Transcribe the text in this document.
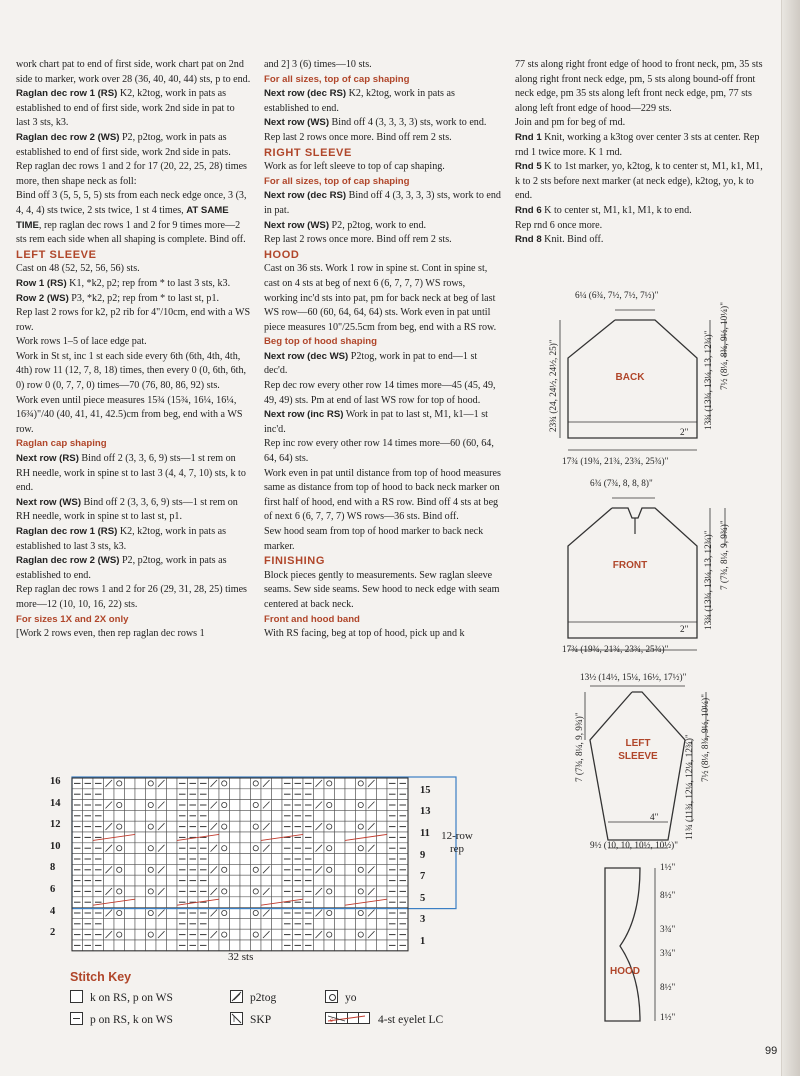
work chart pat to end of first side, work chart pat on 2nd side to marker, work over 28 (36, 40, 40, 44) sts, p to end.

Raglan dec row 1 (RS) K2, k2tog, work in pats as established to end of first side, work 2nd side in pat to last 3 sts, k3.

Raglan dec row 2 (WS) P2, p2tog, work in pats as established to end of first side, work 2nd side in pats.

Rep raglan dec rows 1 and 2 for 17 (20, 22, 25, 28) times more, then shape neck as foll:

Bind off 3 (5, 5, 5, 5) sts from each neck edge once, 3 (3, 4, 4, 4) sts twice, 2 sts twice, 1 st 4 times, AT SAME TIME, rep raglan dec rows 1 and 2 for 9 times more—2 sts rem each side when all shaping is complete. Bind off.

LEFT SLEEVE

Cast on 48 (52, 52, 56, 56) sts.

Row 1 (RS) K1, *k2, p2; rep from * to last 3 sts, k3.

Row 2 (WS) P3, *k2, p2; rep from * to last st, p1.

Rep last 2 rows for k2, p2 rib for 4"/10cm, end with a WS row.

Work rows 1–5 of lace edge pat.

Work in St st, inc 1 st each side every 6th (6th, 4th, 4th, 4th) row 11 (12, 7, 8, 18) times, then every 0 (0, 6th, 6th, 0) row 0 (0, 7, 7, 0) times—70 (76, 80, 86, 92) sts.

Work even until piece measures 15¾ (15¾, 16¼, 16¼, 16¾)"/40 (40, 41, 41, 42.5)cm from beg, end with a WS row.

Raglan cap shaping

Next row (RS) Bind off 2 (3, 3, 6, 9) sts—1 st rem on RH needle, work in spine st to last 3 (4, 4, 7, 10) sts, k to end.

Next row (WS) Bind off 2 (3, 3, 6, 9) sts—1 st rem on RH needle, work in spine st to last st, p1.

Raglan dec row 1 (RS) K2, k2tog, work in pats as established to last 3 sts, k3.

Raglan dec row 2 (WS) P2, p2tog, work in pats as established to end.

Rep raglan dec rows 1 and 2 for 26 (29, 31, 28, 25) times more—12 (10, 10, 16, 22) sts.

For sizes 1X and 2X only

[Work 2 rows even, then rep raglan dec rows 1

and 2] 3 (6) times—10 sts.

For all sizes, top of cap shaping

Next row (dec RS) K2, k2tog, work in pats as established to end.

Next row (WS) Bind off 4 (3, 3, 3, 3) sts, work to end.

Rep last 2 rows once more. Bind off rem 2 sts.

RIGHT SLEEVE

Work as for left sleeve to top of cap shaping.

For all sizes, top of cap shaping

Next row (dec RS) Bind off 4 (3, 3, 3, 3) sts, work to end in pat.

Next row (WS) P2, p2tog, work to end.

Rep last 2 rows once more. Bind off rem 2 sts.

HOOD

Cast on 36 sts. Work 1 row in spine st. Cont in spine st, cast on 4 sts at beg of next 6 (6, 7, 7, 7) WS rows, working inc'd sts into pat, pm for back neck at beg of last WS row—60 (60, 64, 64, 64) sts. Work even in pat until piece measures 10"/25.5cm from beg, end with a RS row.

Beg top of hood shaping

Next row (dec WS) P2tog, work in pat to end—1 st dec'd.

Rep dec row every other row 14 times more—45 (45, 49, 49, 49) sts. Pm at end of last WS row for top of hood.

Next row (inc RS) Work in pat to last st, M1, k1—1 st inc'd.

Rep inc row every other row 14 times more—60 (60, 64, 64, 64) sts.

Work even in pat until distance from top of hood measures same as distance from top of hood to back neck marker on first half of hood, end with a RS row. Bind off 4 sts at beg of next 6 (6, 7, 7, 7) WS rows—36 sts. Bind off.

Sew hood seam from top of hood marker to back neck marker.

FINISHING

Block pieces gently to measurements. Sew raglan sleeve seams. Sew side seams. Sew hood to neck edge with seam centered at back neck.

Front and hood band

With RS facing, beg at top of hood, pick up and k

77 sts along right front edge of hood to front neck, pm, 35 sts along right front neck edge, pm, 5 sts along bound-off front neck edge, pm 35 sts along left front neck edge, pm, 77 sts along left front edge of hood—229 sts.

Join and pm for beg of rnd.

Rnd 1 Knit, working a k3tog over center 3 sts at center. Rep rnd 1 twice more. K 1 rnd.

Rnd 5 K to 1st marker, yo, k2tog, k to center st, M1, k1, M1, k to 2 sts before next marker (at neck edge), k2tog, yo, k to end.

Rnd 6 K to center st, M1, k1, M1, k to end.

Rep rnd 6 once more.

Rnd 8 Knit. Bind off.

6¼ (6¾, 7½, 7½, 7½)"
23¾ (24, 24½, 24½, 25)"	13¾ (13¾, 13¼, 13, 12¾)" 7½ (8¼, 8¾, 9½, 10¼)"
2"
BACK
17¾ (19¾, 21¾, 23¾, 25¾)"
6¾ (7¾, 8, 8, 8)"
13¾ (13¾, 13¼, 13, 12¾)" 7 (7¾, 8¼, 9, 9¾)"
2"
FRONT
17¾ (19¾, 21¾, 23¾, 25¾)"
13½ (14½, 15¼, 16½, 17½)"
7 (7¾, 8¼, 9, 9¾)"	11¾ (11¾, 12¼, 12¼, 12¾)" 7½ (8¼, 8¾, 9½, 10¼)"
4"
LEFT
SLEEVE
9½ (10, 10, 10½, 10½)"
1½"
8½"
3¾"
3¾"
8½"
1½"
HOOD
16
14
12
10
8
6
4
2
15
13
11
9
7
5
3
1
12-row
rep
32 sts
Stitch Key
k on RS, p on WS
p on RS, k on WS
p2tog
SKP
yo
c	4-st eyelet LC
99
